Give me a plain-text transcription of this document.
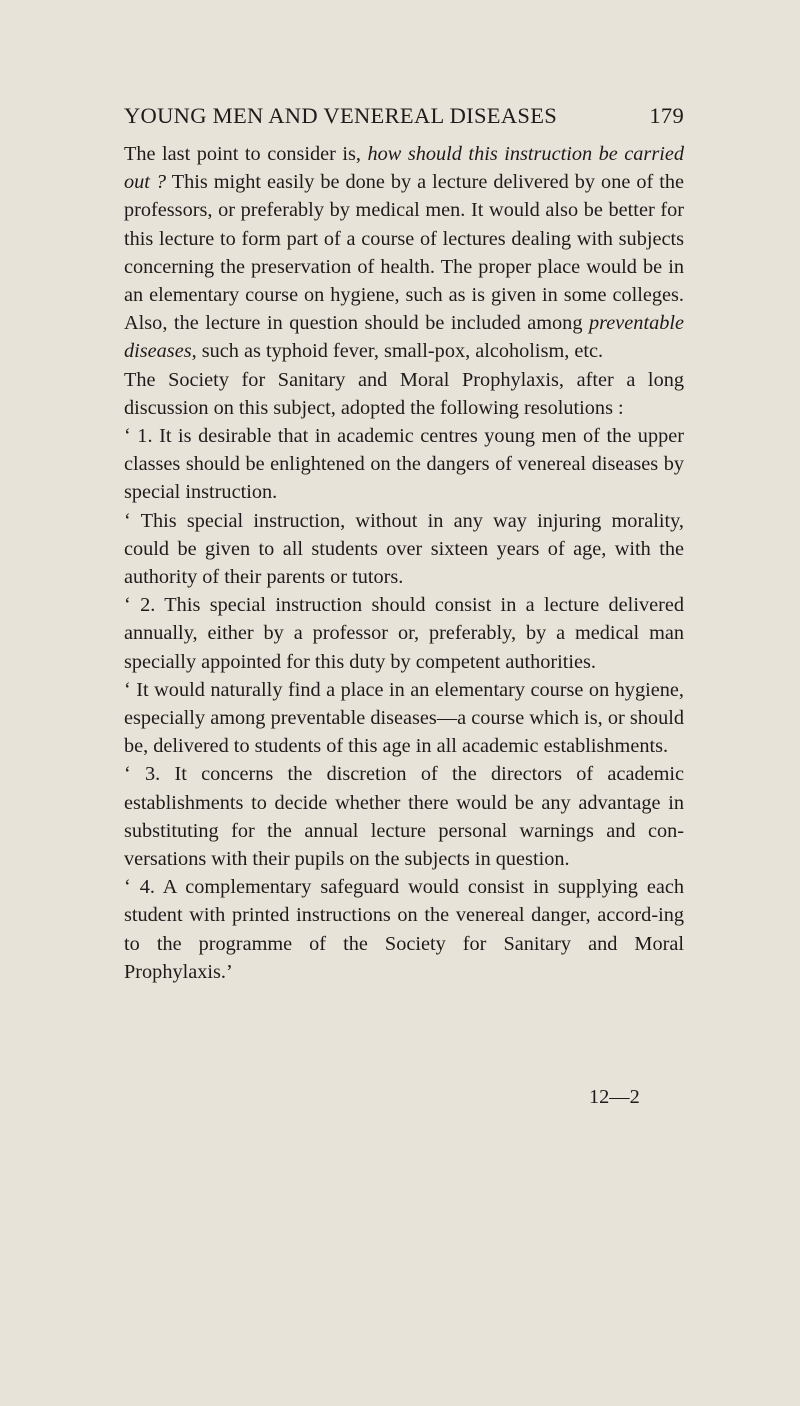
YOUNG MEN AND VENEREAL DISEASES	179

The last point to consider is, how should this instruction be carried out ? This might easily be done by a lecture delivered by one of the professors, or preferably by medical men. It would also be better for this lecture to form part of a course of lectures dealing with subjects concerning the preservation of health. The proper place would be in an elementary course on hygiene, such as is given in some colleges. Also, the lecture in question should be included among preventable diseases, such as typhoid fever, small-pox, alcoholism, etc.

The Society for Sanitary and Moral Prophylaxis, after a long discussion on this subject, adopted the following resolutions :

‘ 1. It is desirable that in academic centres young men of the upper classes should be enlightened on the dangers of venereal diseases by special instruction.

‘ This special instruction, without in any way injuring morality, could be given to all students over sixteen years of age, with the authority of their parents or tutors.

‘ 2. This special instruction should consist in a lecture delivered annually, either by a professor or, preferably, by a medical man specially appointed for this duty by competent authorities.

‘ It would naturally find a place in an elementary course on hygiene, especially among preventable diseases—a course which is, or should be, delivered to students of this age in all academic establishments.

‘ 3. It concerns the discretion of the directors of academic establishments to decide whether there would be any advantage in substituting for the annual lecture personal warnings and con-versations with their pupils on the subjects in question.

‘ 4. A complementary safeguard would consist in supplying each student with printed instructions on the venereal danger, accord-ing to the programme of the Society for Sanitary and Moral Prophylaxis.’

12—2
